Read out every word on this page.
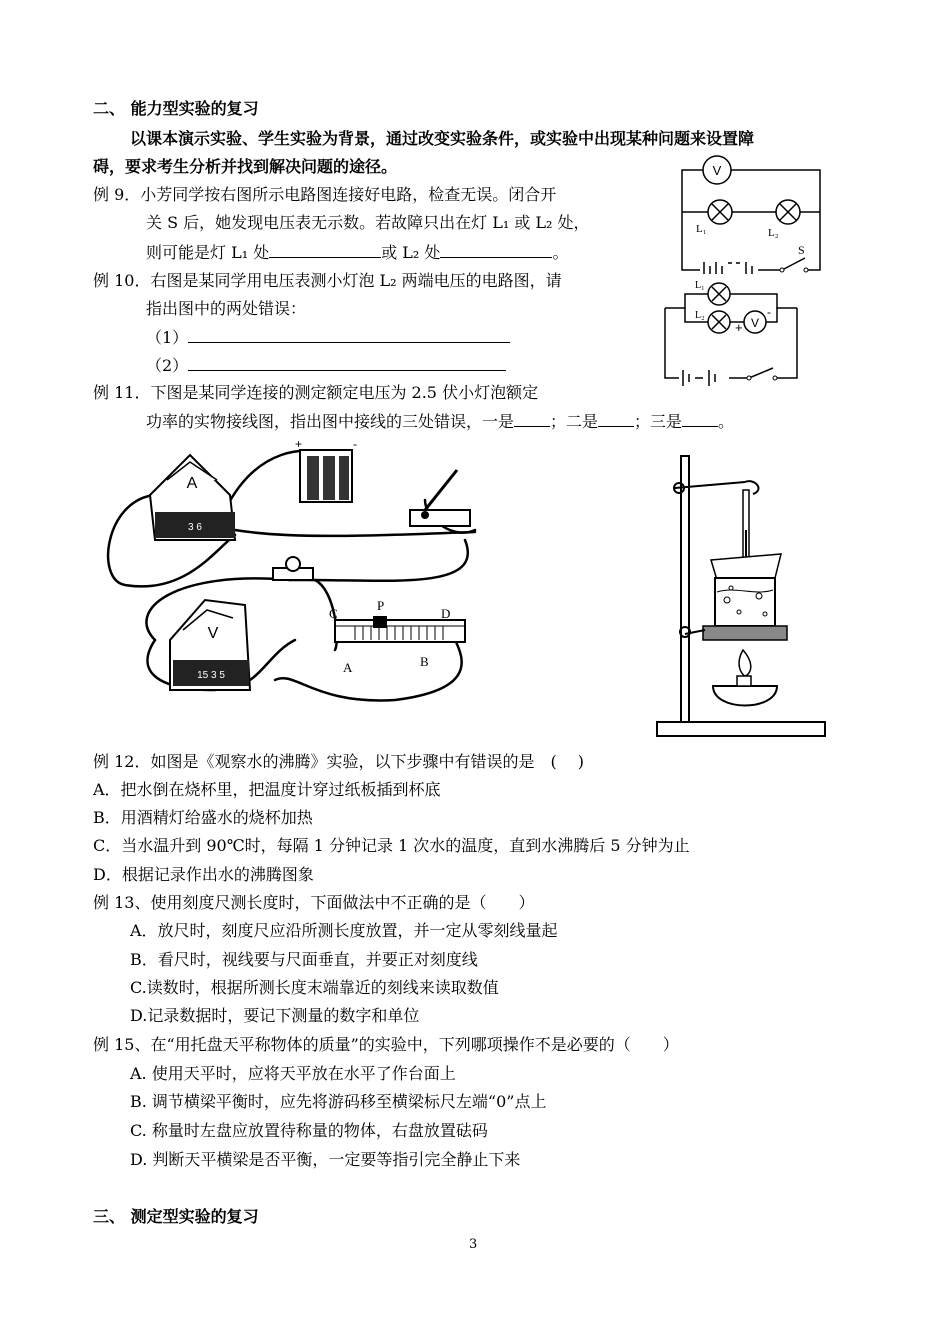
二、 能力型实验的复习
以课本演示实验、学生实验为背景，通过改变实验条件，或实验中出现某种问题来设置障
碍，要求考生分析并找到解决问题的途径。
例 9．小芳同学按右图所示电路图连接好电路，检查无误。闭合开
关 S 后，她发现电压表无示数。若故障只出在灯 L₁ 或 L₂ 处，
则可能是灯 L₁ 处	或 L₂ 处	。
V
L₁	L₂
S
例 10．右图是某同学用电压表测小灯泡 L₂ 两端电压的电路图，请
指出图中的两处错误：
（1）
（2）
L₁
L₂
+ V
-
例 11．下图是某同学连接的测定额定电压为 2.5 伏小灯泡额定
功率的实物接线图，指出图中接线的三处错误，一是 ；二是 ；三是 。
A
3 6
+	-
V
15 3 5
C
P
D
A	B
例 12．如图是《观察水的沸腾》实验，以下步骤中有错误的是　(　 )
A．把水倒在烧杯里，把温度计穿过纸板插到杯底
B．用酒精灯给盛水的烧杯加热
C．当水温升到 90℃时，每隔 1 分钟记录 1 次水的温度，直到水沸腾后 5 分钟为止
D．根据记录作出水的沸腾图象
例 13、使用刻度尺测长度时，下面做法中不正确的是（　　）
A．放尺时，刻度尺应沿所测长度放置，并一定从零刻线量起
B．看尺时，视线要与尺面垂直，并要正对刻度线
C.读数时，根据所测长度末端靠近的刻线来读取数值
D.记录数据时，要记下测量的数字和单位
例 15、在“用托盘天平称物体的质量”的实验中，下列哪项操作不是必要的（　　）
A. 使用天平时，应将天平放在水平了作台面上
B. 调节横梁平衡时，应先将游码移至横梁标尺左端“0”点上
C. 称量时左盘应放置待称量的物体，右盘放置砝码
D. 判断天平横梁是否平衡，一定要等指引完全静止下来
三、 测定型实验的复习
3
